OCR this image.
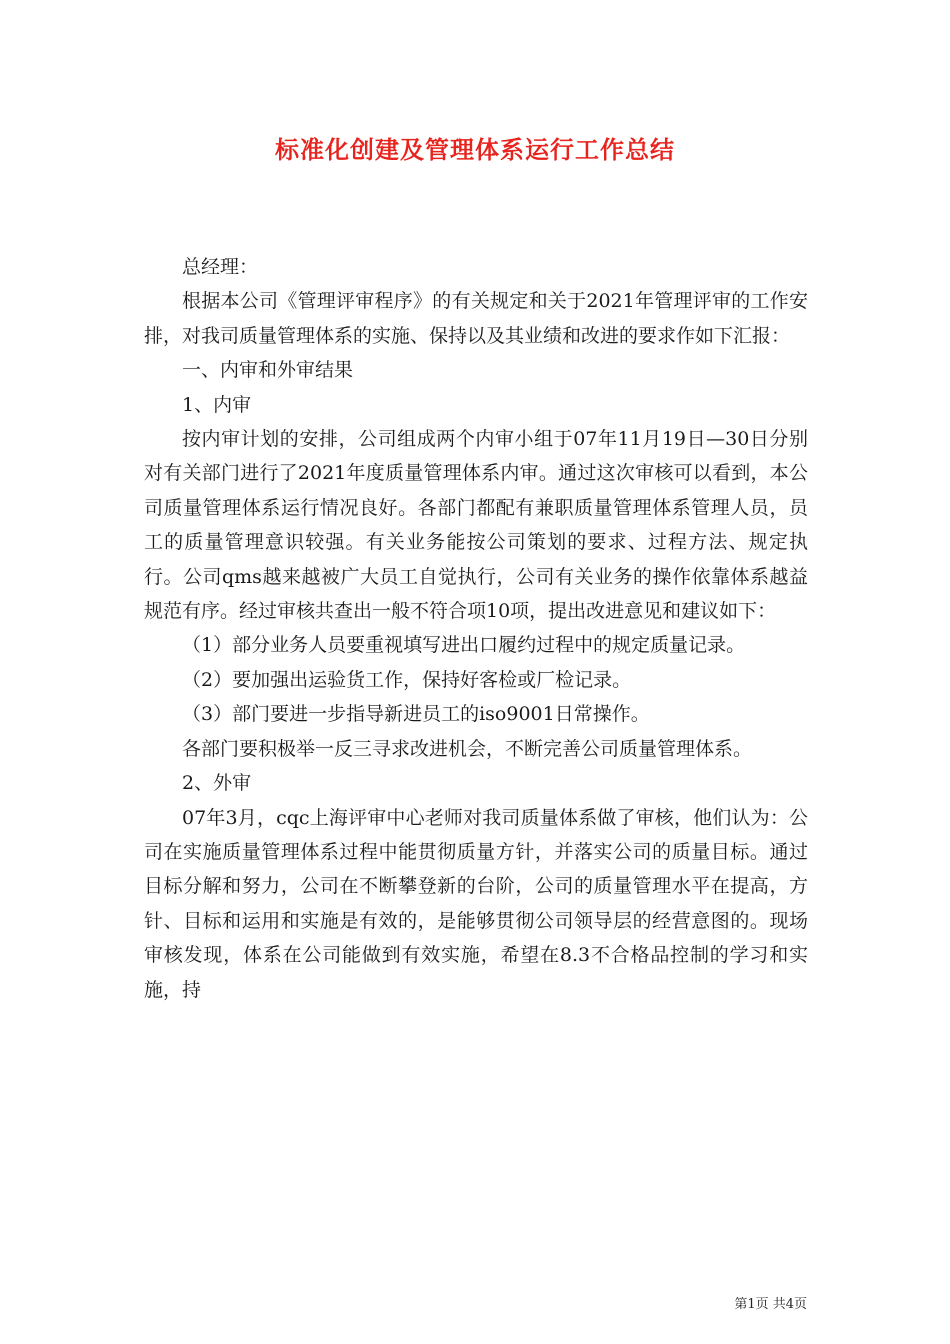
标准化创建及管理体系运行工作总结

总经理：

根据本公司《管理评审程序》的有关规定和关于2021年管理评审的工作安排，对我司质量管理体系的实施、保持以及其业绩和改进的要求作如下汇报：

一、内审和外审结果

1、内审

按内审计划的安排，公司组成两个内审小组于07年11月19日—30日分别对有关部门进行了2021年度质量管理体系内审。通过这次审核可以看到，本公司质量管理体系运行情况良好。各部门都配有兼职质量管理体系管理人员，员工的质量管理意识较强。有关业务能按公司策划的要求、过程方法、规定执行。公司qms越来越被广大员工自觉执行，公司有关业务的操作依靠体系越益规范有序。经过审核共查出一般不符合项10项，提出改进意见和建议如下：

（1）部分业务人员要重视填写进出口履约过程中的规定质量记录。

（2）要加强出运验货工作，保持好客检或厂检记录。

（3）部门要进一步指导新进员工的iso9001日常操作。

各部门要积极举一反三寻求改进机会，不断完善公司质量管理体系。

2、外审

07年3月，cqc上海评审中心老师对我司质量体系做了审核，他们认为：公司在实施质量管理体系过程中能贯彻质量方针，并落实公司的质量目标。通过目标分解和努力，公司在不断攀登新的台阶，公司的质量管理水平在提高，方针、目标和运用和实施是有效的，是能够贯彻公司领导层的经营意图的。现场审核发现，体系在公司能做到有效实施，希望在8.3不合格品控制的学习和实施，持

第1页 共4页
